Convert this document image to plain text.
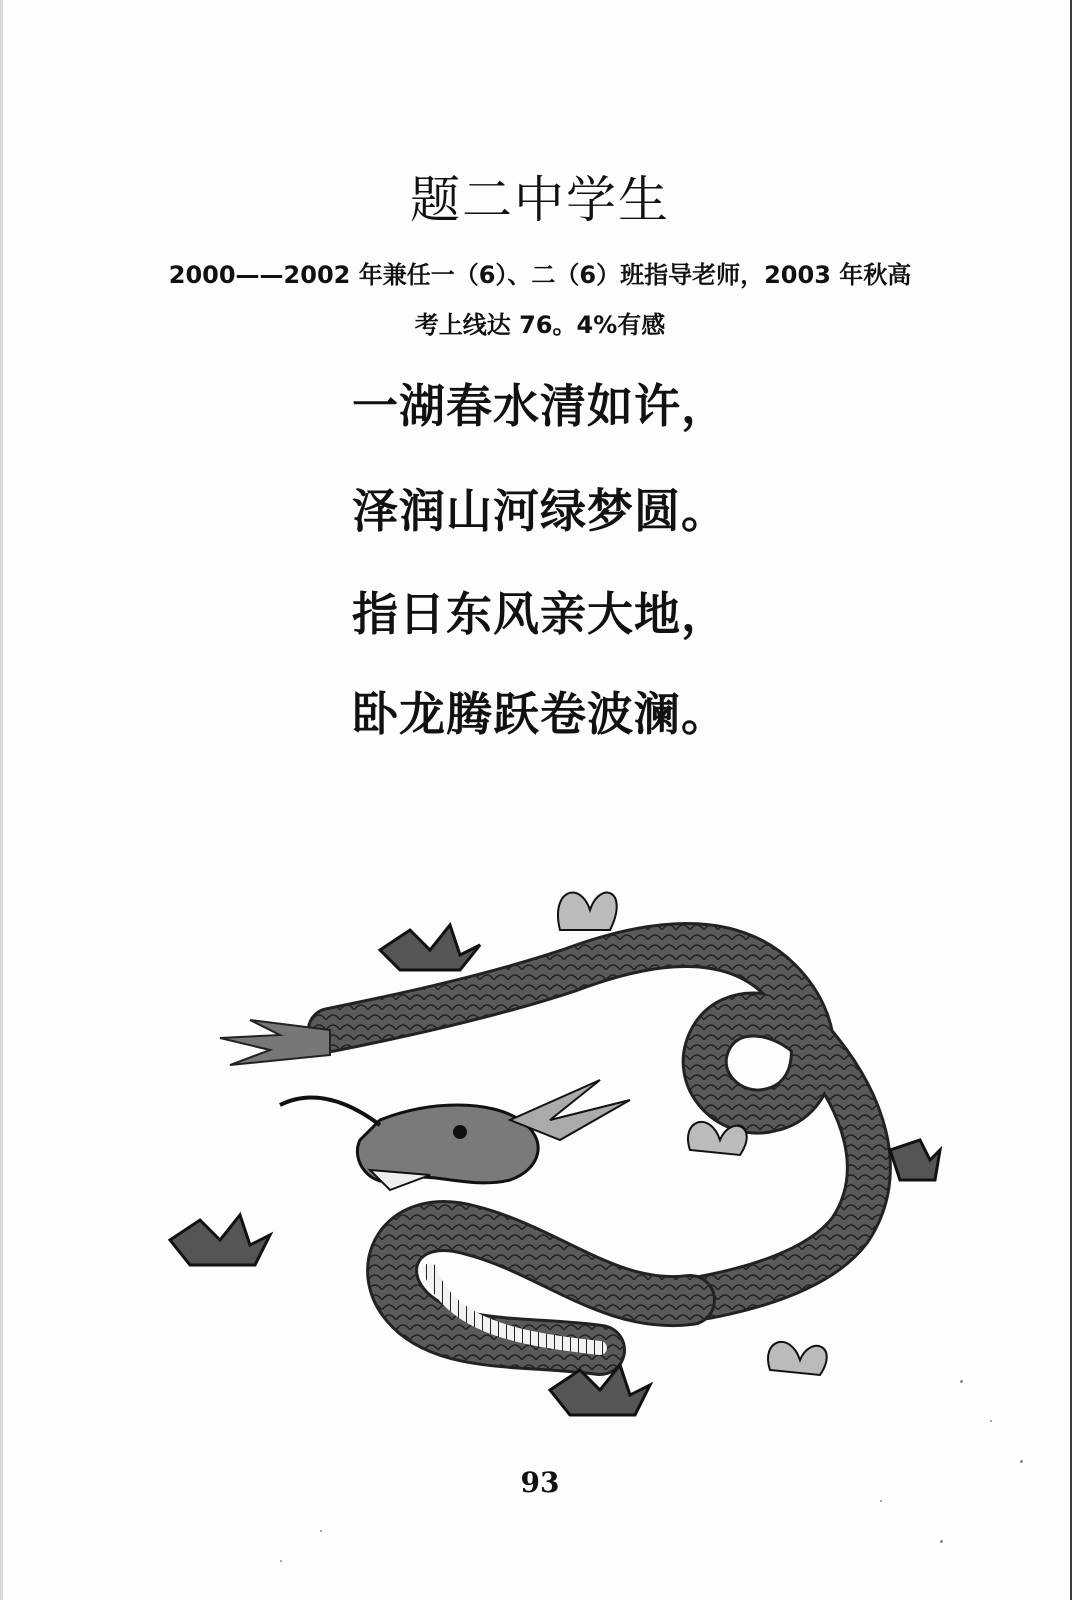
题二中学生
2000——2002 年兼任一（6）、二（6）班指导老师，2003 年秋高
考上线达 76。4%有感
一湖春水清如许，
泽润山河绿梦圆。
指日东风亲大地，
卧龙腾跃卷波澜。
93
